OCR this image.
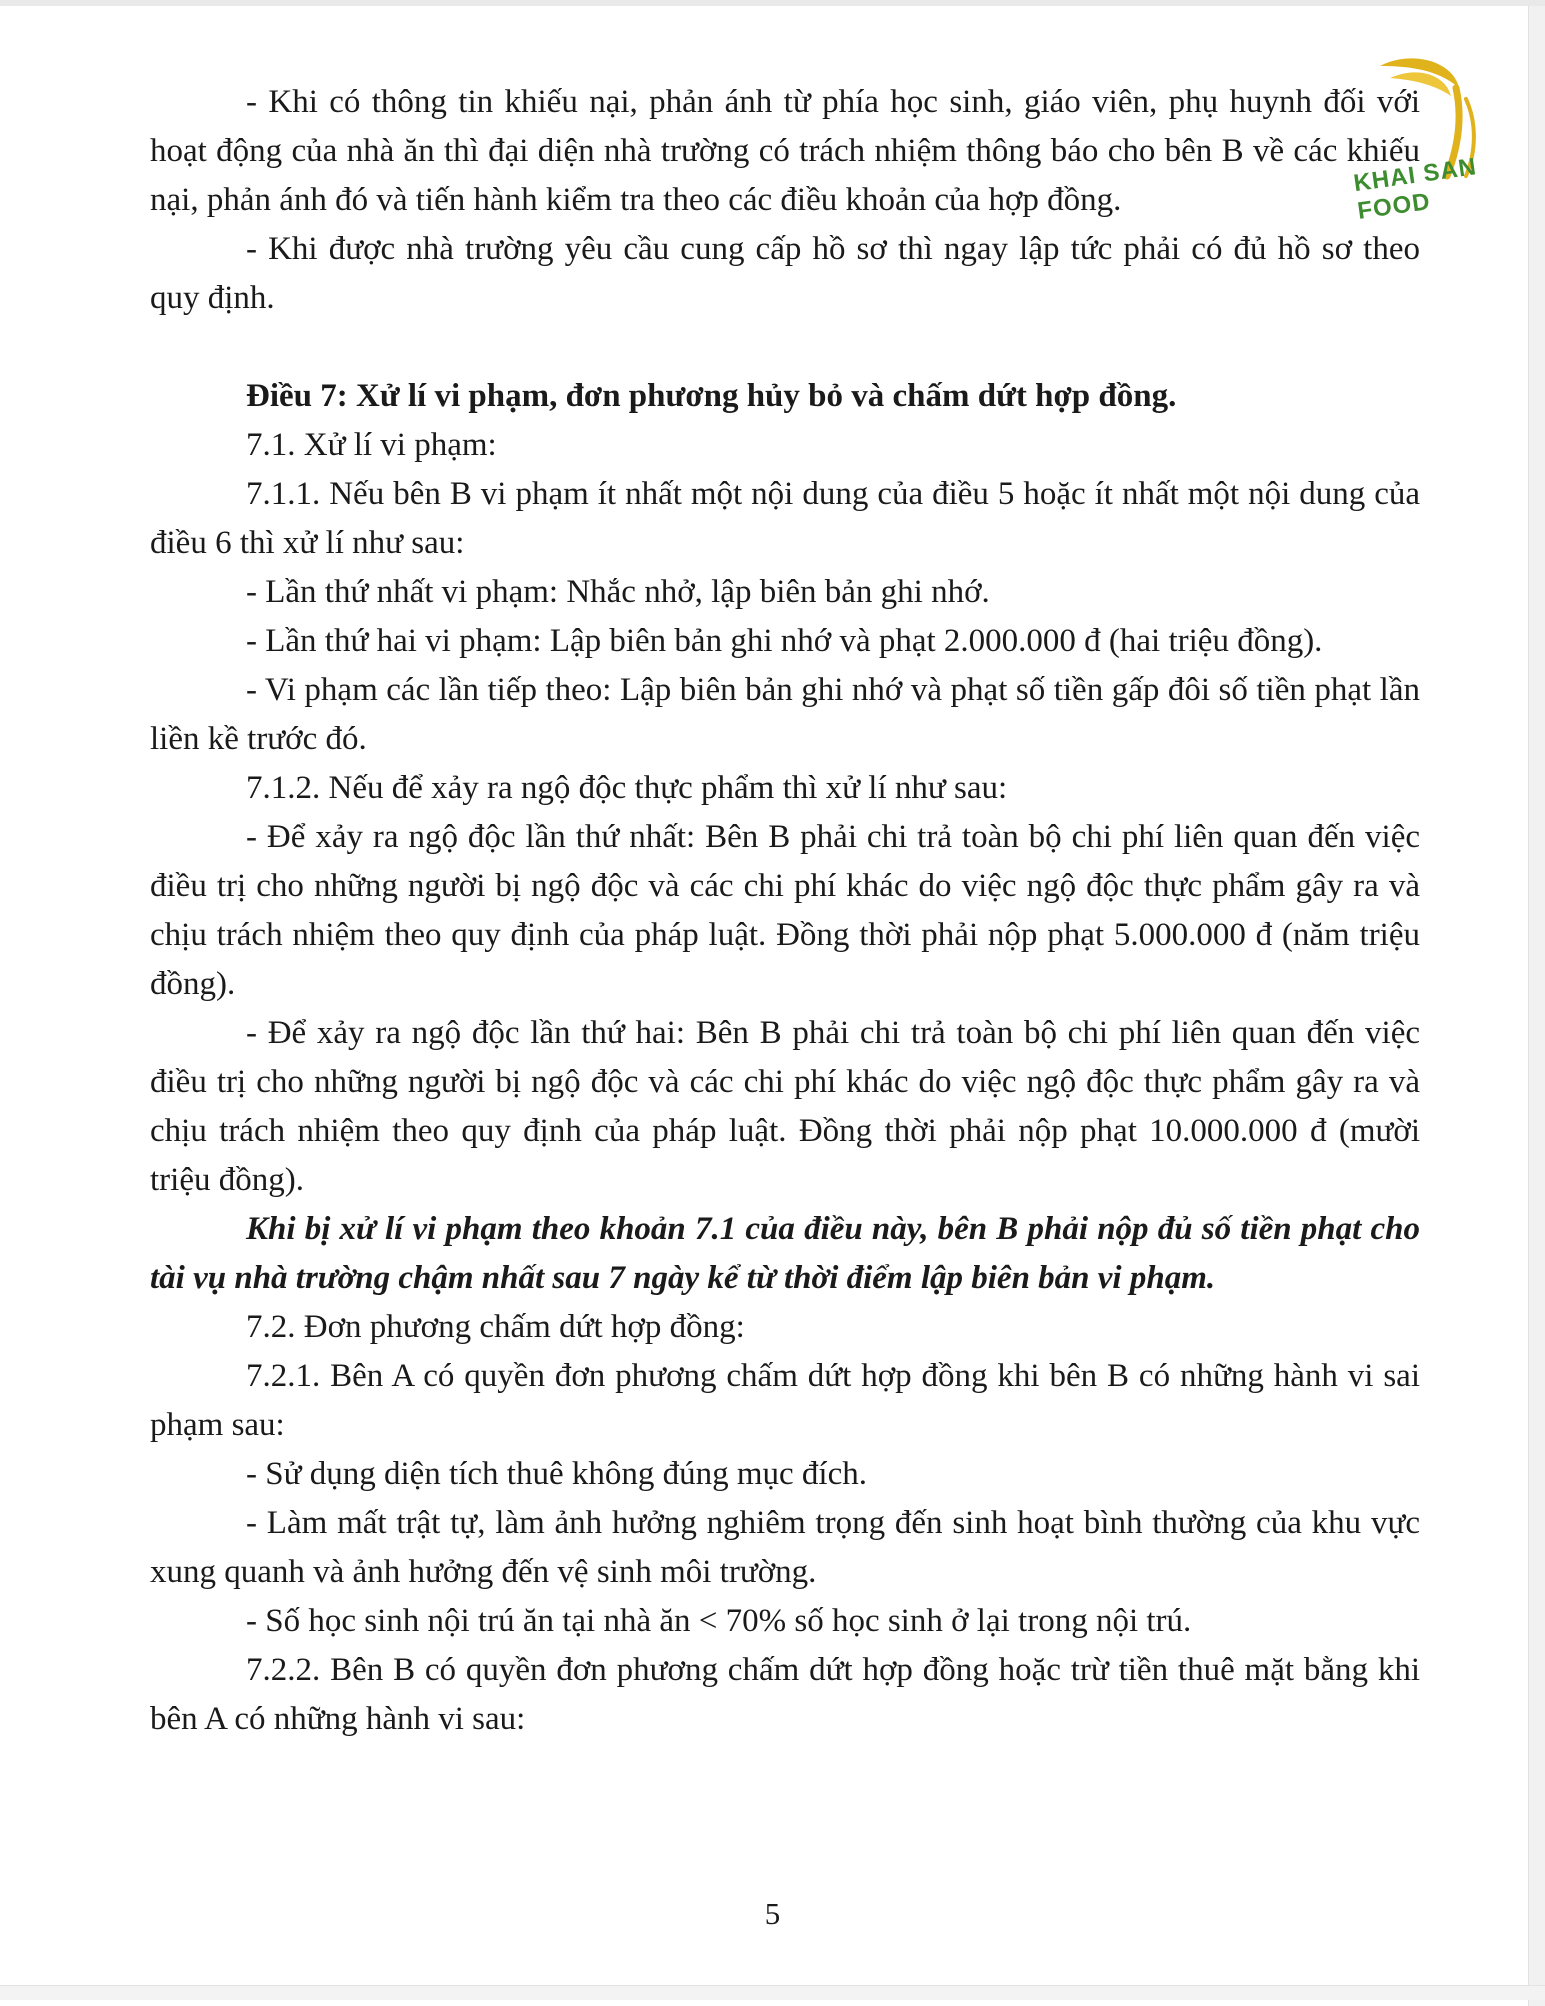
- Khi có thông tin khiếu nại, phản ánh từ phía học sinh, giáo viên, phụ huynh đối với hoạt động của nhà ăn thì đại diện nhà trường có trách nhiệm thông báo cho bên B về các khiếu nại, phản ánh đó và tiến hành kiểm tra theo các điều khoản của hợp đồng.

- Khi được nhà trường yêu cầu cung cấp hồ sơ thì ngay lập tức phải có đủ hồ sơ theo quy định.

Điều 7: Xử lí vi phạm, đơn phương hủy bỏ và chấm dứt hợp đồng.

7.1. Xử lí vi phạm:

7.1.1. Nếu bên B vi phạm ít nhất một nội dung của điều 5 hoặc ít nhất một nội dung của điều 6 thì xử lí như sau:

- Lần thứ nhất vi phạm: Nhắc nhở, lập biên bản ghi nhớ.

- Lần thứ hai vi phạm: Lập biên bản ghi nhớ và phạt 2.000.000 đ (hai triệu đồng).

- Vi phạm các lần tiếp theo: Lập biên bản ghi nhớ và phạt số tiền gấp đôi số tiền phạt lần liền kề trước đó.

7.1.2. Nếu để xảy ra ngộ độc thực phẩm thì xử lí như sau:

- Để xảy ra ngộ độc lần thứ nhất: Bên B phải chi trả toàn bộ chi phí liên quan đến việc điều trị cho những người bị ngộ độc và các chi phí khác do việc ngộ độc thực phẩm gây ra và chịu trách nhiệm theo quy định của pháp luật. Đồng thời phải nộp phạt 5.000.000 đ (năm triệu đồng).

- Để xảy ra ngộ độc lần thứ hai: Bên B phải chi trả toàn bộ chi phí liên quan đến việc điều trị cho những người bị ngộ độc và các chi phí khác do việc ngộ độc thực phẩm gây ra và chịu trách nhiệm theo quy định của pháp luật. Đồng thời phải nộp phạt 10.000.000 đ (mười triệu đồng).

Khi bị xử lí vi phạm theo khoản 7.1 của điều này, bên B phải nộp đủ số tiền phạt cho tài vụ nhà trường chậm nhất sau 7 ngày kể từ thời điểm lập biên bản vi phạm.

7.2. Đơn phương chấm dứt hợp đồng:

7.2.1. Bên A có quyền đơn phương chấm dứt hợp đồng khi bên B có những hành vi sai phạm sau:

- Sử dụng diện tích thuê không đúng mục đích.

- Làm mất trật tự, làm ảnh hưởng nghiêm trọng đến sinh hoạt bình thường của khu vực xung quanh và ảnh hưởng đến vệ sinh môi trường.

- Số học sinh nội trú ăn tại nhà ăn < 70% số học sinh ở lại trong nội trú.

7.2.2. Bên B có quyền đơn phương chấm dứt hợp đồng hoặc trừ tiền thuê mặt bằng khi bên A có những hành vi sau:

5
KHAI SAN FOOD
